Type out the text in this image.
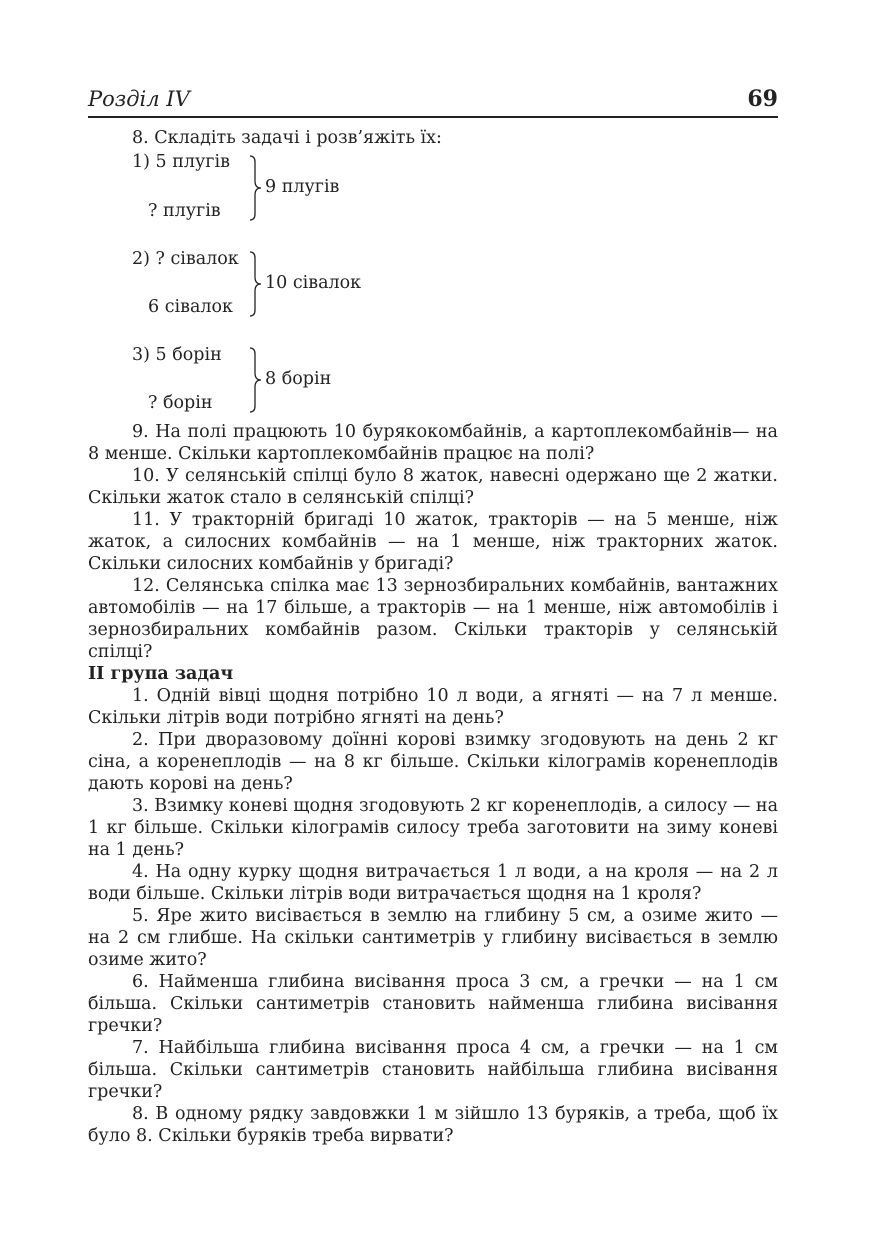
Розділ IV	69
8. Складіть задачі і розв’яжіть їх:
1) 5 плугів
? плугів
9 плугів
2) ? сівалок
6 сівалок
10 сівалок
3) 5 борін
? борін
8 борін

9. На полі працюють 10 бурякокомбайнів, а картоплекомбайнів— на 8 менше. Скільки картоплекомбайнів працює на полі?

10. У селянській спілці було 8 жаток, навесні одержано ще 2 жатки. Скільки жаток стало в селянській спілці?

11. У тракторній бригаді 10 жаток, тракторів — на 5 менше, ніж жаток, а силосних комбайнів — на 1 менше, ніж тракторних жаток. Скільки силосних комбайнів у бригаді?

12. Селянська спілка має 13 зернозбиральних комбайнів, вантажних автомобілів — на 17 більше, а тракторів — на 1 менше, ніж автомобілів і зернозбиральних комбайнів разом. Скільки тракторів у селянській спілці?

II група задач

1. Одній вівці щодня потрібно 10 л води, а ягняті — на 7 л менше. Скільки літрів води потрібно ягняті на день?

2. При дворазовому доїнні корові взимку згодовують на день 2 кг сіна, а коренеплодів — на 8 кг більше. Скільки кілограмів коренеплодів дають корові на день?

3. Взимку коневі щодня згодовують 2 кг коренеплодів, а силосу — на 1 кг більше. Скільки кілограмів силосу треба заготовити на зиму коневі на 1 день?

4. На одну курку щодня витрачається 1 л води, а на кроля — на 2 л води більше. Скільки літрів води витрачається щодня на 1 кроля?

5. Яре жито висівається в землю на глибину 5 см, а озиме жито — на 2 см глибше. На скільки сантиметрів у глибину висівається в землю озиме жито?

6. Найменша глибина висівання проса 3 см, а гречки — на 1 см більша. Скільки сантиметрів становить найменша глибина висівання гречки?

7. Найбільша глибина висівання проса 4 см, а гречки — на 1 см більша. Скільки сантиметрів становить найбільша глибина висівання гречки?

8. В одному рядку завдовжки 1 м зійшло 13 буряків, а треба, щоб їх було 8. Скільки буряків треба вирвати?
